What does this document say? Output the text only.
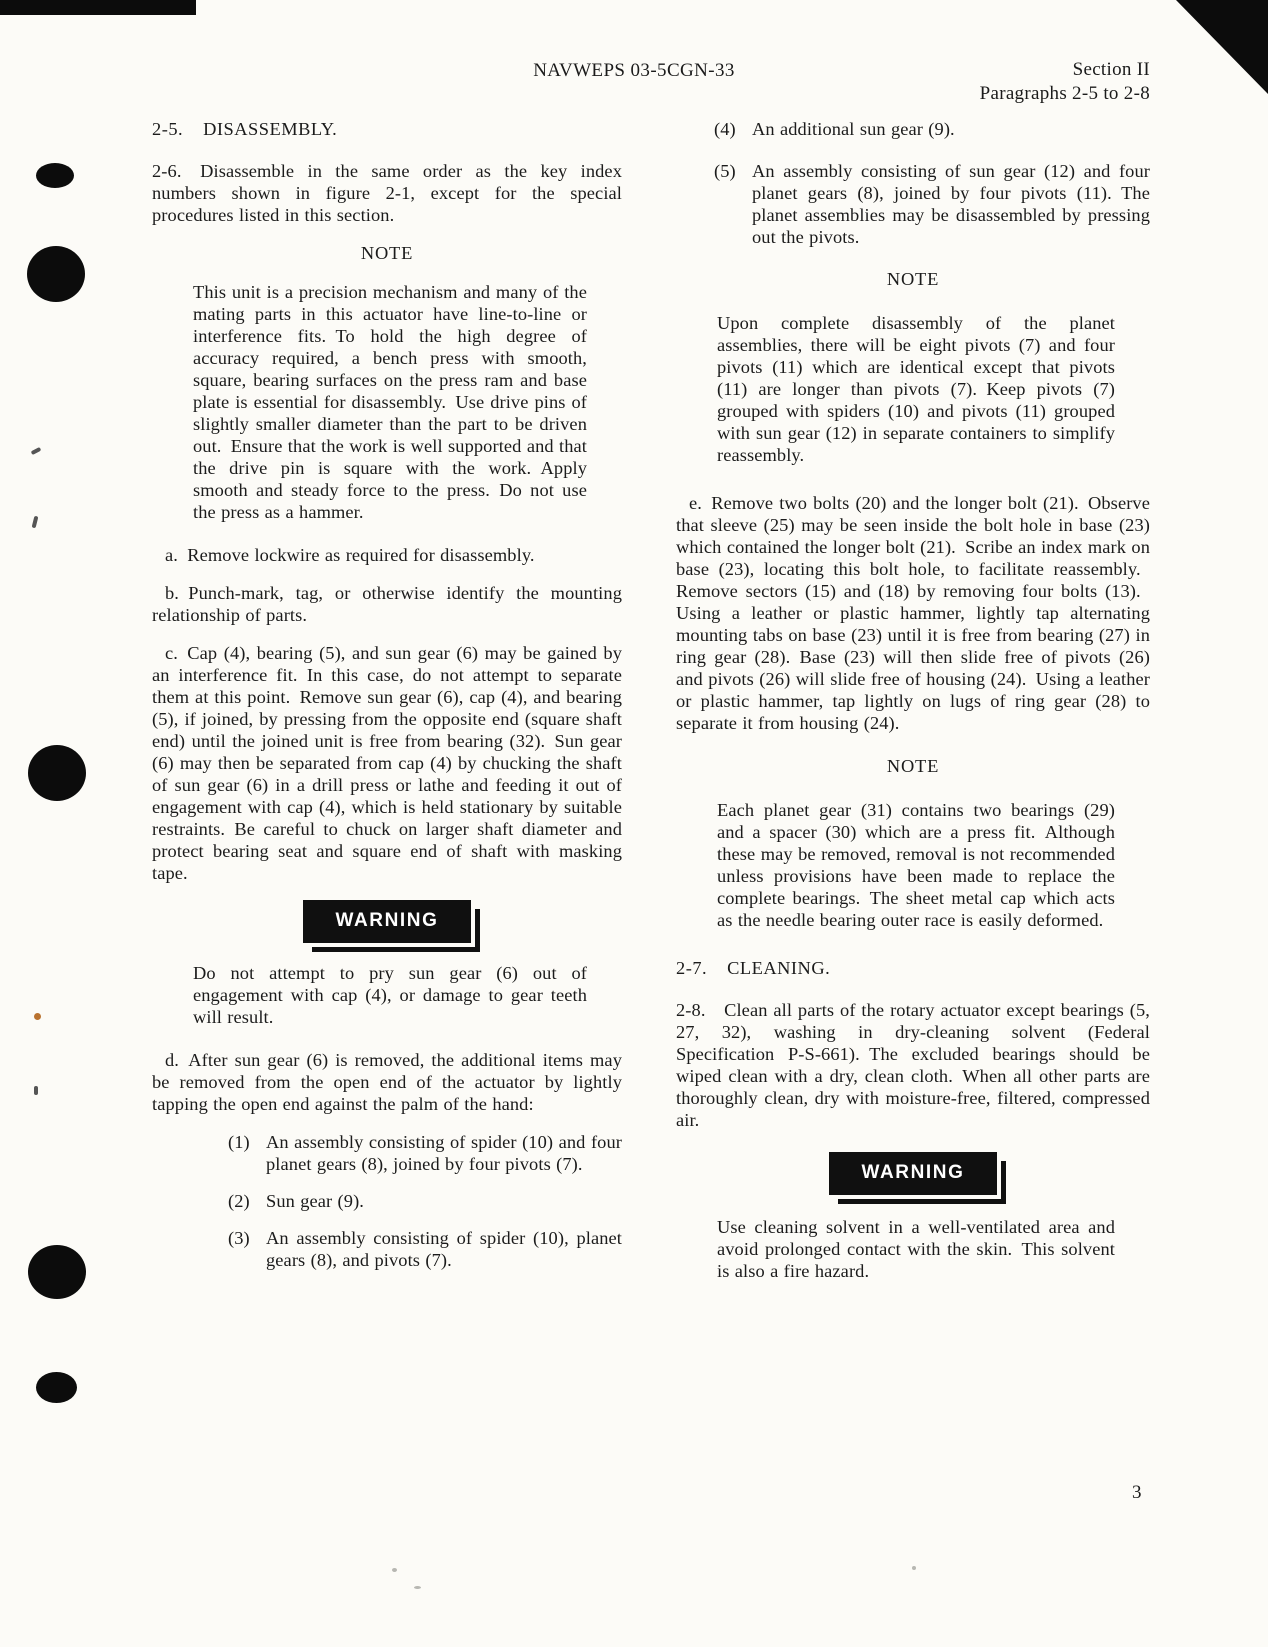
NAVWEPS 03-5CGN-33	Section II
Paragraphs 2-5 to 2-8
2-5. DISASSEMBLY.
2-6.  Disassemble in the same order as the key index numbers shown in figure 2-1, except for the special procedures listed in this section.
NOTE
This unit is a precision mechanism and many of the mating parts in this actuator have line-to-line or interference fits. To hold the high degree of accuracy required, a bench press with smooth, square, bearing surfaces on the press ram and base plate is essential for disassembly. Use drive pins of slightly smaller diameter than the part to be driven out. Ensure that the work is well supported and that the drive pin is square with the work. Apply smooth and steady force to the press. Do not use the press as a hammer.
a. Remove lockwire as required for disassembly.
b. Punch-mark, tag, or otherwise identify the mounting relationship of parts.
c. Cap (4), bearing (5), and sun gear (6) may be gained by an interference fit. In this case, do not attempt to separate them at this point. Remove sun gear (6), cap (4), and bearing (5), if joined, by pressing from the opposite end (square shaft end) until the joined unit is free from bearing (32). Sun gear (6) may then be separated from cap (4) by chucking the shaft of sun gear (6) in a drill press or lathe and feeding it out of engagement with cap (4), which is held stationary by suitable restraints. Be careful to chuck on larger shaft diameter and protect bearing seat and square end of shaft with masking tape.
WARNING
Do not attempt to pry sun gear (6) out of engagement with cap (4), or damage to gear teeth will result.
d. After sun gear (6) is removed, the additional items may be removed from the open end of the actuator by lightly tapping the open end against the palm of the hand:
(1) An assembly consisting of spider (10) and four planet gears (8), joined by four pivots (7).
(2) Sun gear (9).
(3) An assembly consisting of spider (10), planet gears (8), and pivots (7).
(4) An additional sun gear (9).
(5) An assembly consisting of sun gear (12) and four planet gears (8), joined by four pivots (11). The planet assemblies may be disassembled by pressing out the pivots.
NOTE
Upon complete disassembly of the planet assemblies, there will be eight pivots (7) and four pivots (11) which are identical except that pivots (11) are longer than pivots (7). Keep pivots (7) grouped with spiders (10) and pivots (11) grouped with sun gear (12) in separate containers to simplify reassembly.
e. Remove two bolts (20) and the longer bolt (21). Observe that sleeve (25) may be seen inside the bolt hole in base (23) which contained the longer bolt (21). Scribe an index mark on base (23), locating this bolt hole, to facilitate reassembly. Remove sectors (15) and (18) by removing four bolts (13). Using a leather or plastic hammer, lightly tap alternating mounting tabs on base (23) until it is free from bearing (27) in ring gear (28). Base (23) will then slide free of pivots (26) and pivots (26) will slide free of housing (24). Using a leather or plastic hammer, tap lightly on lugs of ring gear (28) to separate it from housing (24).
NOTE
Each planet gear (31) contains two bearings (29) and a spacer (30) which are a press fit. Although these may be removed, removal is not recommended unless provisions have been made to replace the complete bearings. The sheet metal cap which acts as the needle bearing outer race is easily deformed.
2-7. CLEANING.
2-8.  Clean all parts of the rotary actuator except bearings (5, 27, 32), washing in dry-cleaning solvent (Federal Specification P-S-661). The excluded bearings should be wiped clean with a dry, clean cloth. When all other parts are thoroughly clean, dry with moisture-free, filtered, compressed air.
WARNING
Use cleaning solvent in a well-ventilated area and avoid prolonged contact with the skin. This solvent is also a fire hazard.
3
